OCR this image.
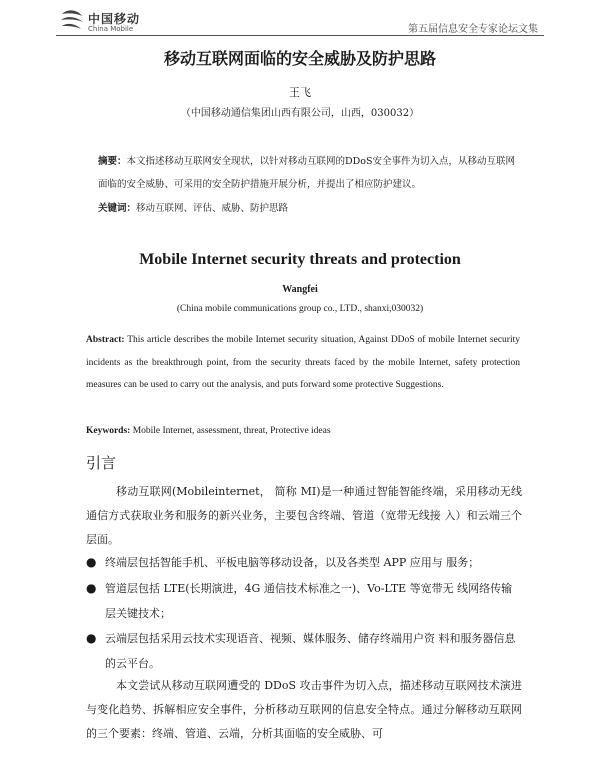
中国移动
China Mobile	第五届信息安全专家论坛文集
移动互联网面临的安全威胁及防护思路
王飞
（中国移动通信集团山西有限公司，山西，030032）
摘要：本文指述移动互联网安全现状，以针对移动互联网的DDoS安全事件为切入点，从移动互联网面临的安全威胁、可采用的安全防护措施开展分析，并提出了相应防护建议。
关键词：移动互联网、评估、威胁、防护思路
Mobile Internet security threats and protection
Wangfei
(China mobile communications group co., LTD., shanxi,030032)
Abstract: This article describes the mobile Internet security situation, Against DDoS of mobile Internet security incidents as the breakthrough point, from the security threats faced by the mobile Internet, safety protection measures can be used to carry out the analysis, and puts forward some protective Suggestions.
Keywords: Mobile Internet, assessment, threat, Protective ideas
引言
移动互联网(Mobileinternet， 简称 MI)是一种通过智能智能终端，采用移动无线通信方式获取业务和服务的新兴业务，主要包含终端、管道（宽带无线接 入）和云端三个层面。
● 终端层包括智能手机、平板电脑等移动设备，以及各类型 APP 应用与 服务；
● 管道层包括 LTE(长期演进，4G 通信技术标准之一)、Vo-LTE 等宽带无 线网络传输层关键技术；
● 云端层包括采用云技术实现语音、视频、媒体服务、储存终端用户资 料和服务器信息的云平台。
本文尝试从移动互联网遭受的 DDoS 攻击事件为切入点，描述移动互联网技术演进与变化趋势、拆解相应安全事件，分析移动互联网的信息安全特点。通过分解移动互联网的三个要素：终端、管道、云端，分析其面临的安全威胁、可
